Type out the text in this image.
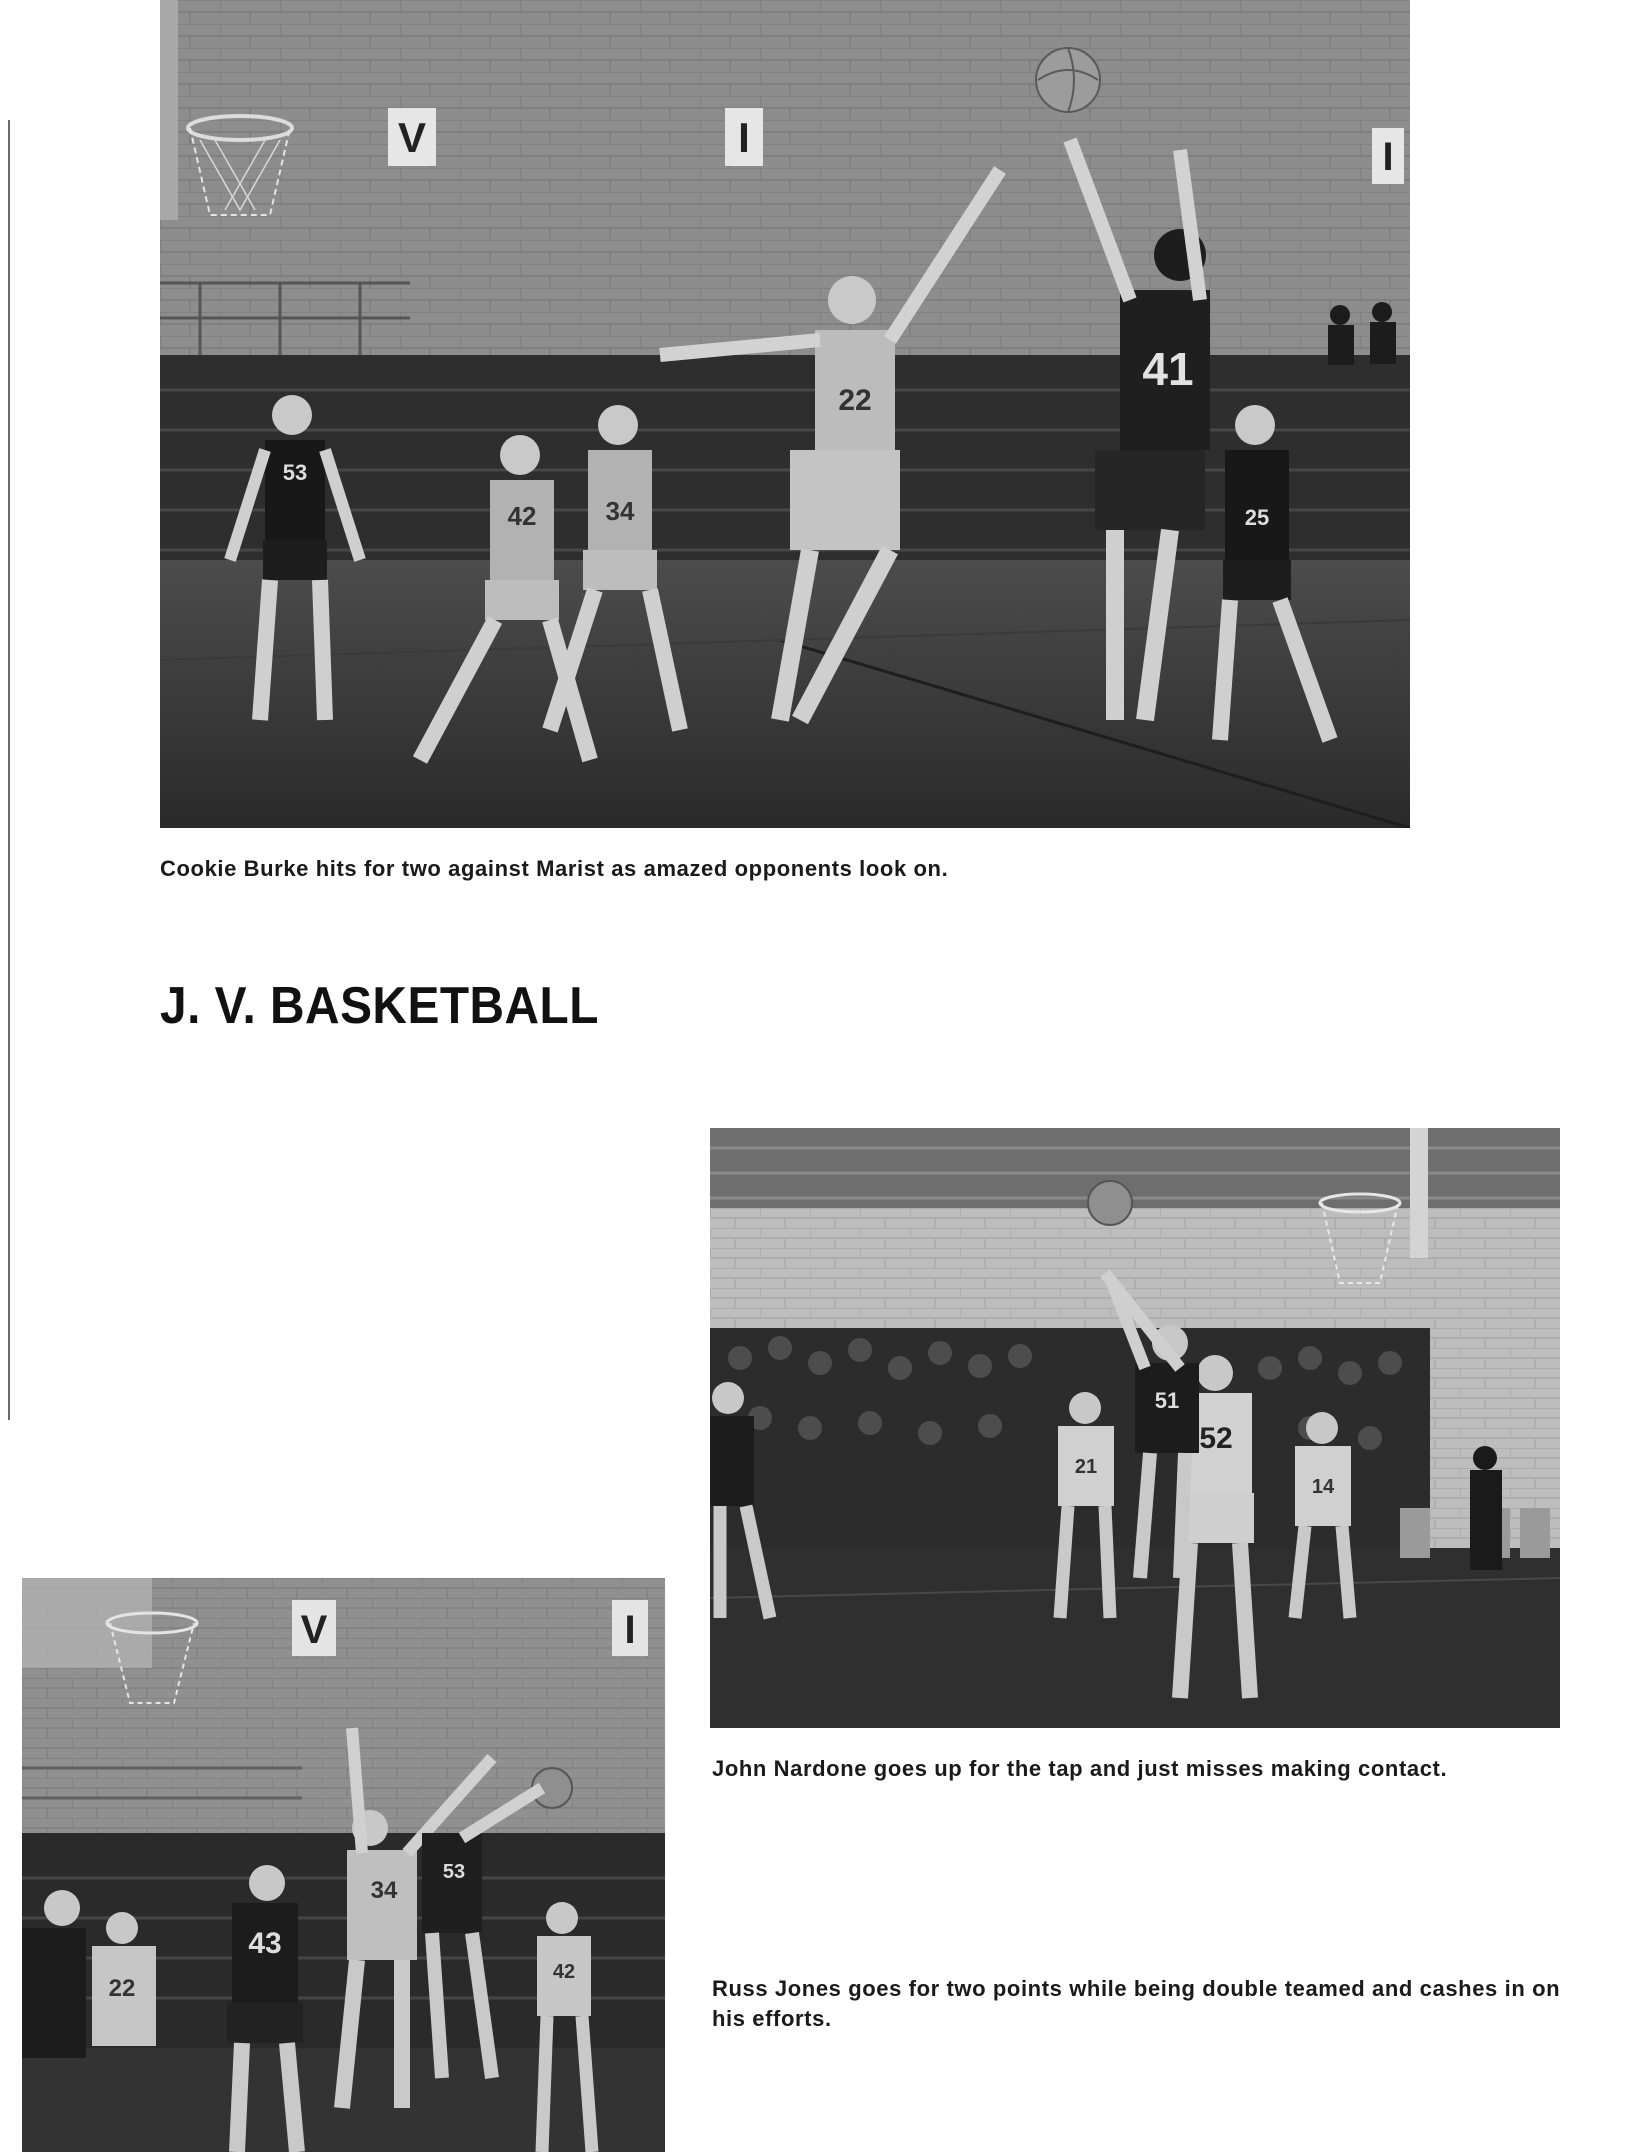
V	I	I
53
42	34
22
41
25

Cookie Burke hits for two against Marist as amazed opponents look on.

J. V. BASKETBALL
52
51
21
14

John Nardone goes up for the tap and just misses making contact.

V	I
43
34
53
42
22	Russ Jones goes for two points while being double teamed and cashes in on his efforts.
